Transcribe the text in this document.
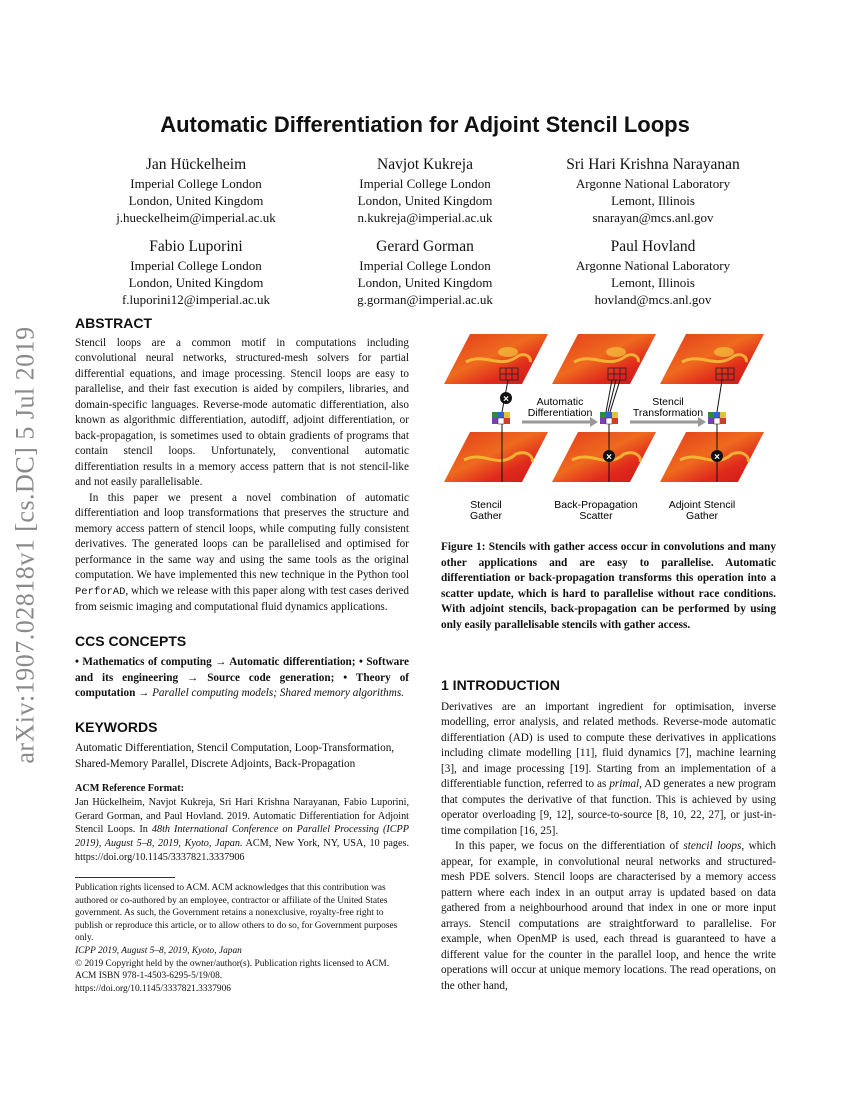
arXiv:1907.02818v1 [cs.DC] 5 Jul 2019
Automatic Differentiation for Adjoint Stencil Loops
Jan Hückelheim
Imperial College London
London, United Kingdom
j.hueckelheim@imperial.ac.uk
Navjot Kukreja
Imperial College London
London, United Kingdom
n.kukreja@imperial.ac.uk
Sri Hari Krishna Narayanan
Argonne National Laboratory
Lemont, Illinois
snarayan@mcs.anl.gov
Fabio Luporini
Imperial College London
London, United Kingdom
f.luporini12@imperial.ac.uk
Gerard Gorman
Imperial College London
London, United Kingdom
g.gorman@imperial.ac.uk
Paul Hovland
Argonne National Laboratory
Lemont, Illinois
hovland@mcs.anl.gov
ABSTRACT

Stencil loops are a common motif in computations including convolutional neural networks, structured-mesh solvers for partial differential equations, and image processing. Stencil loops are easy to parallelise, and their fast execution is aided by compilers, libraries, and domain-specific languages. Reverse-mode automatic differentiation, also known as algorithmic differentiation, autodiff, adjoint differentiation, or back-propagation, is sometimes used to obtain gradients of programs that contain stencil loops. Unfortunately, conventional automatic differentiation results in a memory access pattern that is not stencil-like and not easily parallelisable.

In this paper we present a novel combination of automatic differentiation and loop transformations that preserves the structure and memory access pattern of stencil loops, while computing fully consistent derivatives. The generated loops can be parallelised and optimised for performance in the same way and using the same tools as the original computation. We have implemented this new technique in the Python tool PerforAD, which we release with this paper along with test cases derived from seismic imaging and computational fluid dynamics applications.

CCS CONCEPTS

• Mathematics of computing → Automatic differentiation; • Software and its engineering → Source code generation; • Theory of computation → Parallel computing models; Shared memory algorithms.

KEYWORDS

Automatic Differentiation, Stencil Computation, Loop-Transformation, Shared-Memory Parallel, Discrete Adjoints, Back-Propagation

ACM Reference Format:
Jan Hückelheim, Navjot Kukreja, Sri Hari Krishna Narayanan, Fabio Luporini, Gerard Gorman, and Paul Hovland. 2019. Automatic Differentiation for Adjoint Stencil Loops. In 48th International Conference on Parallel Processing (ICPP 2019), August 5–8, 2019, Kyoto, Japan. ACM, New York, NY, USA, 10 pages. https://doi.org/10.1145/3337821.3337906

Publication rights licensed to ACM. ACM acknowledges that this contribution was authored or co-authored by an employee, contractor or affiliate of the United States government. As such, the Government retains a nonexclusive, royalty-free right to publish or reproduce this article, or to allow others to do so, for Government purposes only.

ICPP 2019, August 5–8, 2019, Kyoto, Japan

© 2019 Copyright held by the owner/author(s). Publication rights licensed to ACM.

ACM ISBN 978-1-4503-6295-5/19/08.

https://doi.org/10.1145/3337821.3337906

×
×	×
Automatic
Differentiation
Stencil
Transformation
Stencil
Gather
Back-Propagation
Scatter
Adjoint Stencil
Gather
Figure 1: Stencils with gather access occur in convolutions and many other applications and are easy to parallelise. Automatic differentiation or back-propagation transforms this operation into a scatter update, which is hard to parallelise without race conditions. With adjoint stencils, back-propagation can be performed by using only easily parallelisable stencils with gather access.
1 INTRODUCTION

Derivatives are an important ingredient for optimisation, inverse modelling, error analysis, and related methods. Reverse-mode automatic differentiation (AD) is used to compute these derivatives in applications including climate modelling [11], fluid dynamics [7], machine learning [3], and image processing [19]. Starting from an implementation of a differentiable function, referred to as primal, AD generates a new program that computes the derivative of that function. This is achieved by using operator overloading [9, 12], source-to-source [8, 10, 22, 27], or just-in-time compilation [16, 25].

In this paper, we focus on the differentiation of stencil loops, which appear, for example, in convolutional neural networks and structured-mesh PDE solvers. Stencil loops are characterised by a memory access pattern where each index in an output array is updated based on data gathered from a neighbourhood around that index in one or more input arrays. Stencil computations are straightforward to parallelise. For example, when OpenMP is used, each thread is guaranteed to have a different value for the counter in the parallel loop, and hence the write operations will occur at unique memory locations. The read operations, on the other hand,
